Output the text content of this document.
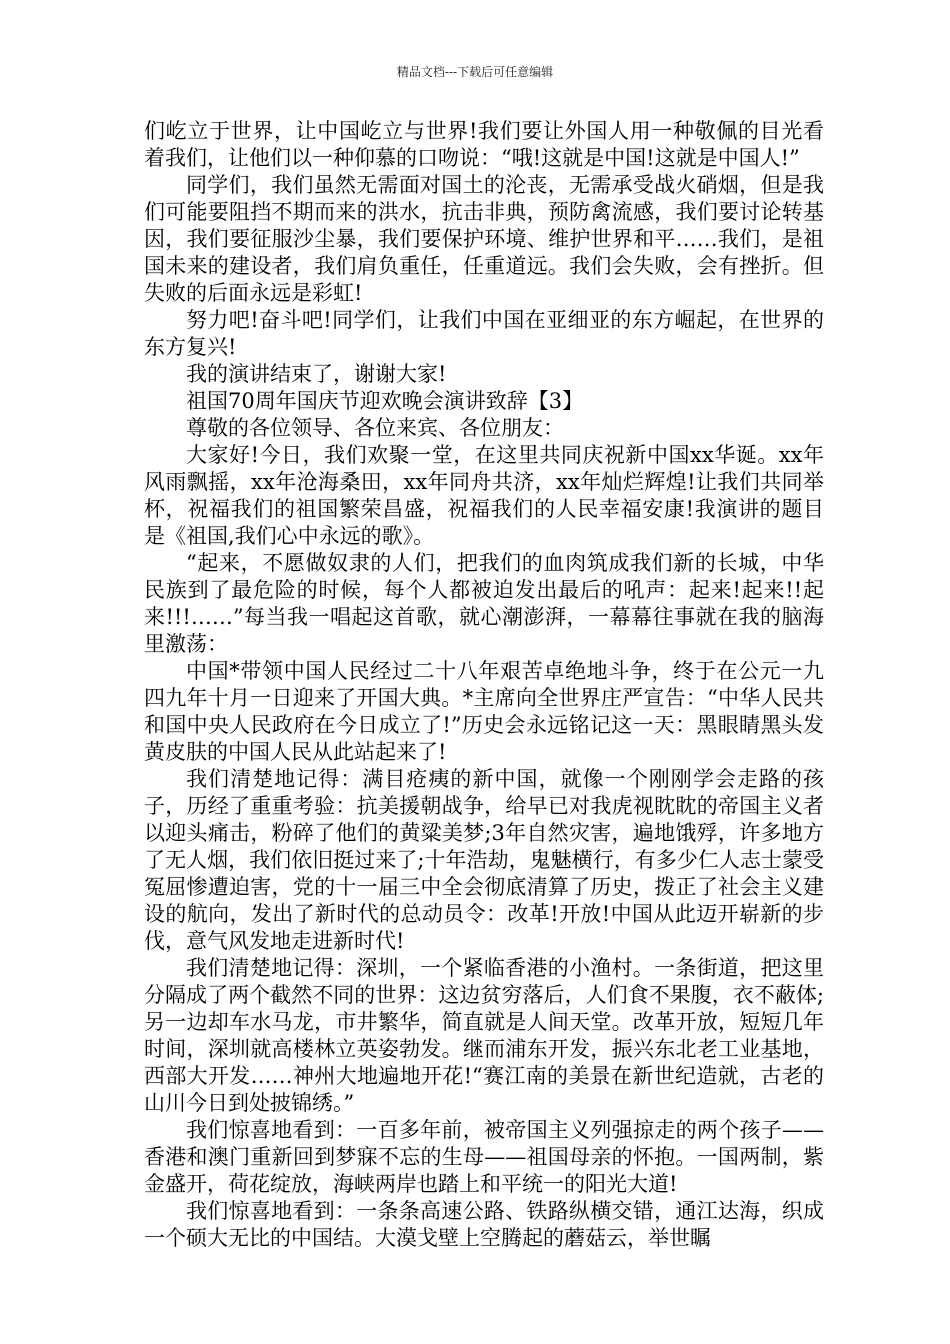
精品文档---下载后可任意编辑

们屹立于世界，让中国屹立与世界!我们要让外国人用一种敬佩的目光看着我们，让他们以一种仰慕的口吻说：“哦!这就是中国!这就是中国人!”

同学们，我们虽然无需面对国土的沦丧，无需承受战火硝烟，但是我们可能要阻挡不期而来的洪水，抗击非典，预防禽流感，我们要讨论转基因，我们要征服沙尘暴，我们要保护环境、维护世界和平……我们，是祖国未来的建设者，我们肩负重任，任重道远。我们会失败，会有挫折。但失败的后面永远是彩虹!

努力吧!奋斗吧!同学们，让我们中国在亚细亚的东方崛起，在世界的东方复兴!

我的演讲结束了，谢谢大家!

祖国70周年国庆节迎欢晚会演讲致辞【3】

尊敬的各位领导、各位来宾、各位朋友：

大家好!今日，我们欢聚一堂，在这里共同庆祝新中国xx华诞。xx年风雨飘摇，xx年沧海桑田，xx年同舟共济，xx年灿烂辉煌!让我们共同举杯，祝福我们的祖国繁荣昌盛，祝福我们的人民幸福安康!我演讲的题目是《祖国,我们心中永远的歌》。

“起来，不愿做奴隶的人们，把我们的血肉筑成我们新的长城，中华民族到了最危险的时候，每个人都被迫发出最后的吼声：起来!起来!!起来!!!……”每当我一唱起这首歌，就心潮澎湃，一幕幕往事就在我的脑海里激荡：

中国*带领中国人民经过二十八年艰苦卓绝地斗争，终于在公元一九四九年十月一日迎来了开国大典。*主席向全世界庄严宣告：“中华人民共和国中央人民政府在今日成立了!”历史会永远铭记这一天：黑眼睛黑头发黄皮肤的中国人民从此站起来了!

我们清楚地记得：满目疮痍的新中国，就像一个刚刚学会走路的孩子，历经了重重考验：抗美援朝战争，给早已对我虎视眈眈的帝国主义者以迎头痛击，粉碎了他们的黄粱美梦;3年自然灾害，遍地饿殍，许多地方了无人烟，我们依旧挺过来了;十年浩劫，鬼魅横行，有多少仁人志士蒙受冤屈惨遭迫害，党的十一届三中全会彻底清算了历史，拨正了社会主义建设的航向，发出了新时代的总动员令：改革!开放!中国从此迈开崭新的步伐，意气风发地走进新时代!

我们清楚地记得：深圳，一个紧临香港的小渔村。一条街道，把这里分隔成了两个截然不同的世界：这边贫穷落后，人们食不果腹，衣不蔽体;另一边却车水马龙，市井繁华，简直就是人间天堂。改革开放，短短几年时间，深圳就高楼林立英姿勃发。继而浦东开发，振兴东北老工业基地，西部大开发……神州大地遍地开花!“赛江南的美景在新世纪造就，古老的山川今日到处披锦绣。”

我们惊喜地看到：一百多年前，被帝国主义列强掠走的两个孩子——香港和澳门重新回到梦寐不忘的生母——祖国母亲的怀抱。一国两制，紫金盛开，荷花绽放，海峡两岸也踏上和平统一的阳光大道!

我们惊喜地看到：一条条高速公路、铁路纵横交错，通江达海，织成一个硕大无比的中国结。大漠戈壁上空腾起的蘑菇云，举世瞩
